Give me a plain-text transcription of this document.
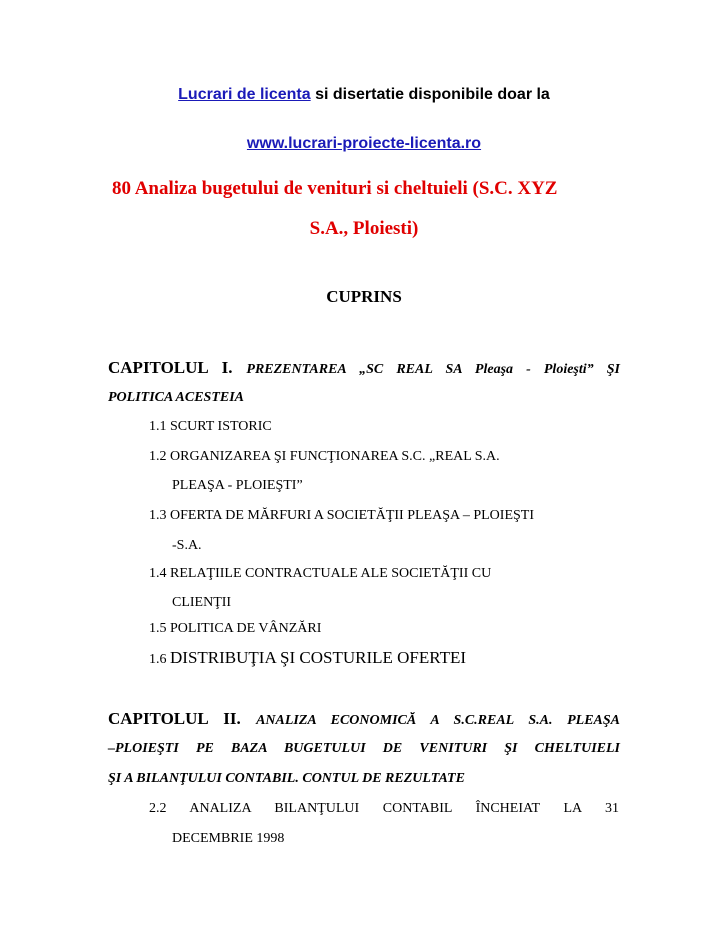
Lucrari de licenta si disertatie disponibile doar la
www.lucrari-proiecte-licenta.ro
80 Analiza bugetului de venituri si cheltuieli (S.C. XYZ
S.A., Ploiesti)
CUPRINS
CAPITOLUL I. PREZENTAREA „SC REAL SA Pleaşa - Ploieşti” ŞI
POLITICA ACESTEIA
1.1 SCURT ISTORIC
1.2 ORGANIZAREA ŞI FUNCŢIONAREA S.C. „REAL S.A.
PLEAŞA - PLOIEŞTI”
1.3 OFERTA DE MĂRFURI A SOCIETĂŢII PLEAŞA – PLOIEŞTI
-S.A.
1.4 RELAŢIILE CONTRACTUALE ALE SOCIETĂŢII CU
CLIENŢII
1.5 POLITICA DE VÂNZĂRI
1.6 DISTRIBUŢIA ŞI COSTURILE OFERTEI
CAPITOLUL II. ANALIZA ECONOMICĂ A S.C.REAL S.A. PLEAŞA
–PLOIEŞTI PE BAZA BUGETULUI DE VENITURI ŞI CHELTUIELI
ŞI A BILANŢULUI CONTABIL. CONTUL DE REZULTATE
2.2 ANALIZA BILANŢULUI CONTABIL ÎNCHEIAT LA 31
DECEMBRIE 1998
